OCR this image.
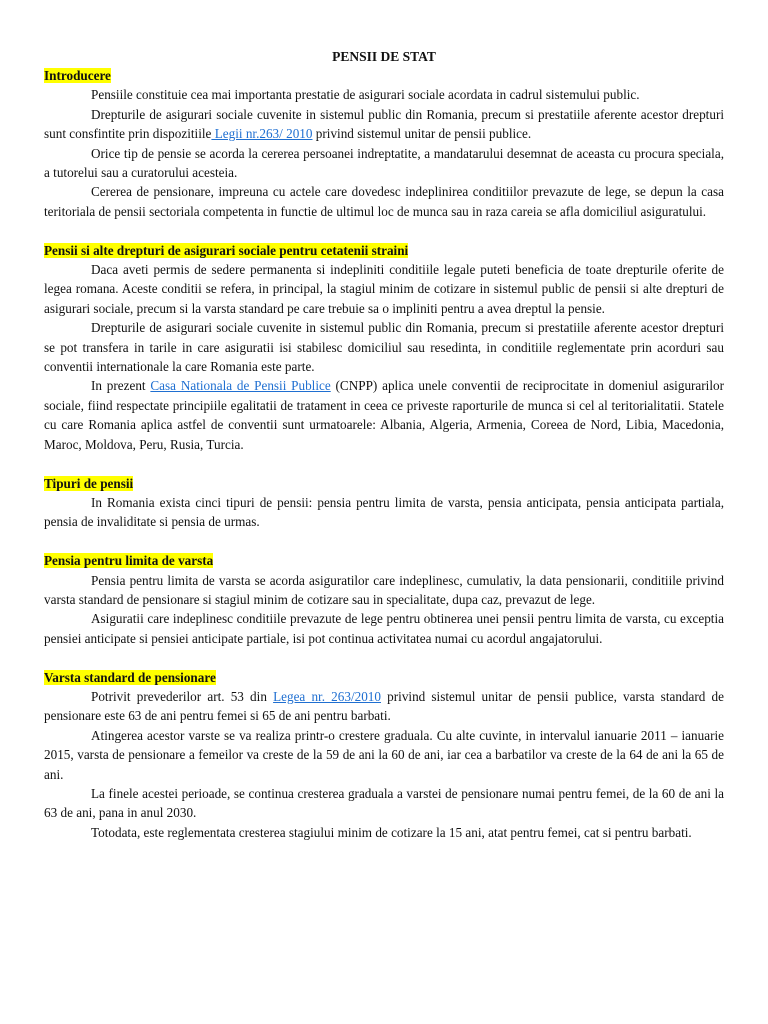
PENSII DE STAT
Introducere

Pensiile constituie cea mai importanta prestatie de asigurari sociale acordata in cadrul sistemului public.

Drepturile de asigurari sociale cuvenite in sistemul public din Romania, precum si prestatiile aferente acestor drepturi sunt consfintite prin dispozitiile Legii nr.263/ 2010 privind sistemul unitar de pensii publice.

Orice tip de pensie se acorda la cererea persoanei indreptatite, a mandatarului desemnat de aceasta cu procura speciala, a tutorelui sau a curatorului acesteia.

Cererea de pensionare, impreuna cu actele care dovedesc indeplinirea conditiilor prevazute de lege, se depun la casa teritoriala de pensii sectoriala competenta in functie de ultimul loc de munca sau in raza careia se afla domiciliul asiguratului.

Pensii si alte drepturi de asigurari sociale pentru cetatenii straini

Daca aveti permis de sedere permanenta si indepliniti conditiile legale puteti beneficia de toate drepturile oferite de legea romana. Aceste conditii se refera, in principal, la stagiul minim de cotizare in sistemul public de pensii si alte drepturi de asigurari sociale, precum si la varsta standard pe care trebuie sa o impliniti pentru a avea dreptul la pensie.

Drepturile de asigurari sociale cuvenite in sistemul public din Romania, precum si prestatiile aferente acestor drepturi se pot transfera in tarile in care asiguratii isi stabilesc domiciliul sau resedinta, in conditiile reglementate prin acorduri sau conventii internationale la care Romania este parte.

In prezent Casa Nationala de Pensii Publice (CNPP) aplica unele conventii de reciprocitate in domeniul asigurarilor sociale, fiind respectate principiile egalitatii de tratament in ceea ce priveste raporturile de munca si cel al teritorialitatii. Statele cu care Romania aplica astfel de conventii sunt urmatoarele: Albania, Algeria, Armenia, Coreea de Nord, Libia, Macedonia, Maroc, Moldova, Peru, Rusia, Turcia.

Tipuri de pensii

In Romania exista cinci tipuri de pensii: pensia pentru limita de varsta, pensia anticipata, pensia anticipata partiala, pensia de invaliditate si pensia de urmas.

Pensia pentru limita de varsta

Pensia pentru limita de varsta se acorda asiguratilor care indeplinesc, cumulativ, la data pensionarii, conditiile privind varsta standard de pensionare si stagiul minim de cotizare sau in specialitate, dupa caz, prevazut de lege.

Asiguratii care indeplinesc conditiile prevazute de lege pentru obtinerea unei pensii pentru limita de varsta, cu exceptia pensiei anticipate si pensiei anticipate partiale, isi pot continua activitatea numai cu acordul angajatorului.

Varsta standard de pensionare

Potrivit prevederilor art. 53 din Legea nr. 263/2010 privind sistemul unitar de pensii publice, varsta standard de pensionare este 63 de ani pentru femei si 65 de ani pentru barbati.

Atingerea acestor varste se va realiza printr-o crestere graduala. Cu alte cuvinte, in intervalul ianuarie 2011 – ianuarie 2015, varsta de pensionare a femeilor va creste de la 59 de ani la 60 de ani, iar cea a barbatilor va creste de la 64 de ani la 65 de ani.

La finele acestei perioade, se continua cresterea graduala a varstei de pensionare numai pentru femei, de la 60 de ani la 63 de ani, pana in anul 2030.

Totodata, este reglementata cresterea stagiului minim de cotizare la 15 ani, atat pentru femei, cat si pentru barbati.
